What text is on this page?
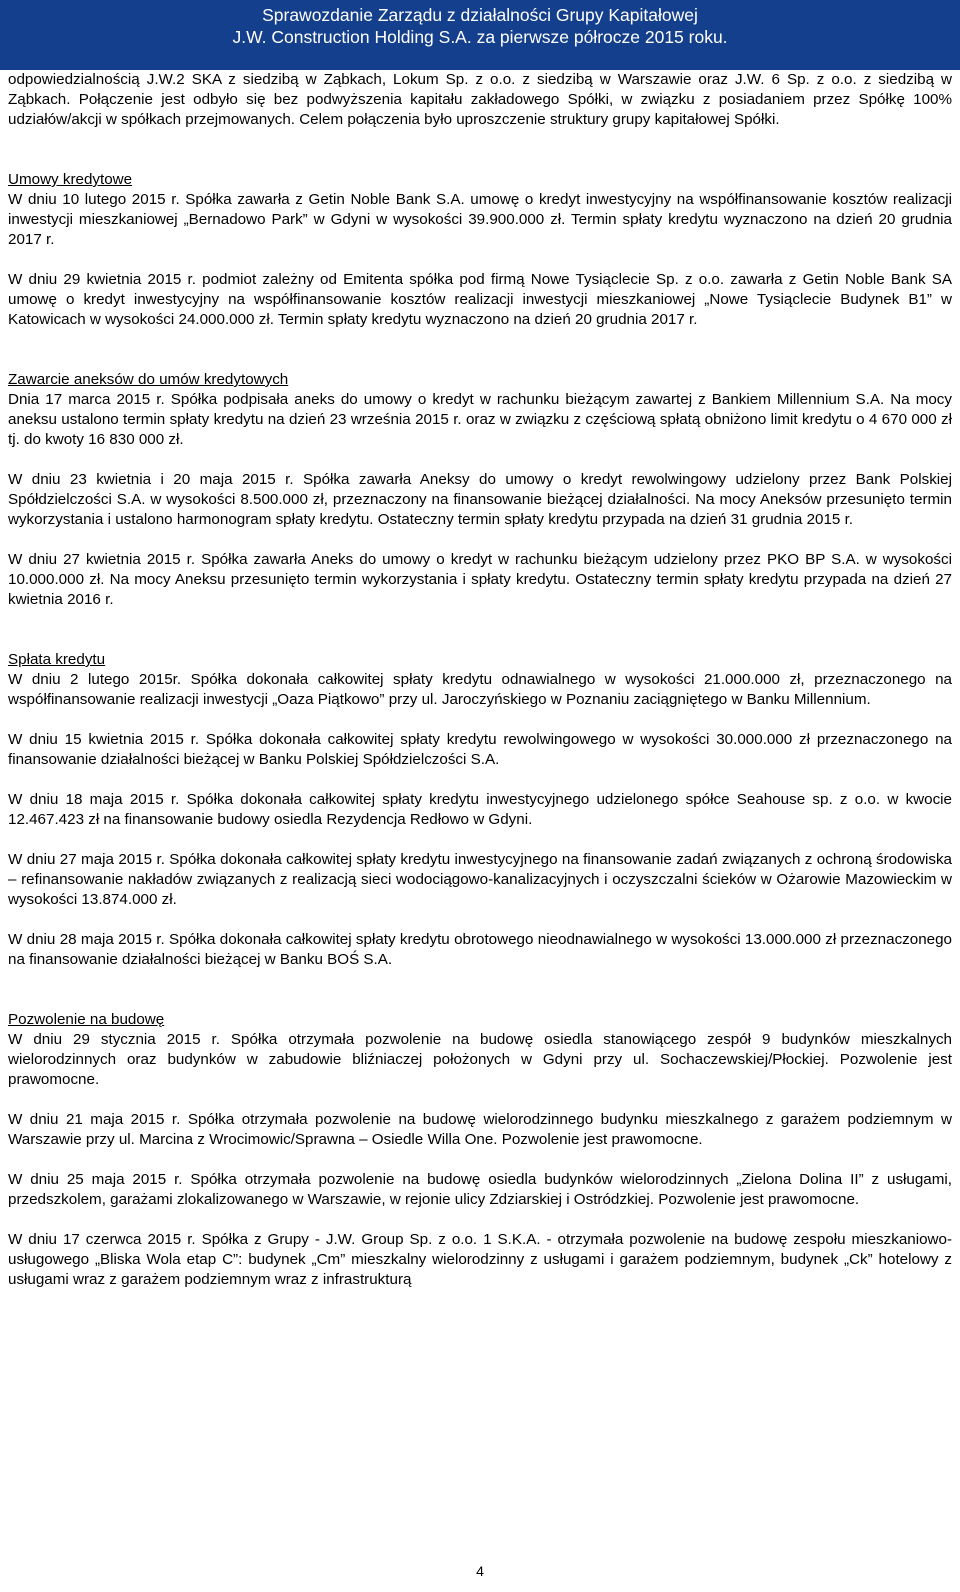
Sprawozdanie Zarządu z działalności Grupy Kapitałowej
J.W. Construction Holding S.A. za pierwsze półrocze 2015 roku.

odpowiedzialnością J.W.2 SKA z siedzibą w Ząbkach, Lokum Sp. z o.o. z siedzibą w Warszawie oraz J.W. 6 Sp. z o.o. z siedzibą w Ząbkach. Połączenie jest odbyło się bez podwyższenia kapitału zakładowego Spółki, w związku z posiadaniem przez Spółkę 100% udziałów/akcji w spółkach przejmowanych. Celem połączenia było uproszczenie struktury grupy kapitałowej Spółki.

Umowy kredytowe

W dniu 10 lutego 2015 r. Spółka zawarła z Getin Noble Bank S.A. umowę o kredyt inwestycyjny na współfinansowanie kosztów realizacji inwestycji mieszkaniowej „Bernadowo Park” w Gdyni w wysokości 39.900.000 zł. Termin spłaty kredytu wyznaczono na dzień 20 grudnia 2017 r.

W dniu 29 kwietnia 2015 r. podmiot zależny od Emitenta spółka pod firmą Nowe Tysiąclecie Sp. z o.o. zawarła z Getin Noble Bank SA umowę o kredyt inwestycyjny na współfinansowanie kosztów realizacji inwestycji mieszkaniowej „Nowe Tysiąclecie Budynek B1” w Katowicach w wysokości 24.000.000 zł. Termin spłaty kredytu wyznaczono na dzień 20 grudnia 2017 r.

Zawarcie aneksów do umów kredytowych

Dnia 17 marca 2015 r. Spółka podpisała aneks do umowy o kredyt w rachunku bieżącym zawartej z Bankiem Millennium S.A. Na mocy aneksu ustalono termin spłaty kredytu na dzień 23 września 2015 r. oraz w związku z częściową spłatą obniżono limit kredytu o 4 670 000 zł tj. do kwoty 16 830 000 zł.

W dniu 23 kwietnia i 20 maja 2015 r. Spółka zawarła Aneksy do umowy o kredyt rewolwingowy udzielony przez Bank Polskiej Spółdzielczości S.A. w wysokości 8.500.000 zł, przeznaczony na finansowanie bieżącej działalności. Na mocy Aneksów przesunięto termin wykorzystania i ustalono harmonogram spłaty kredytu. Ostateczny termin spłaty kredytu przypada na dzień 31 grudnia 2015 r.

W dniu 27 kwietnia 2015 r. Spółka zawarła Aneks do umowy o kredyt w rachunku bieżącym udzielony przez PKO BP S.A. w wysokości 10.000.000 zł. Na mocy Aneksu przesunięto termin wykorzystania i spłaty kredytu. Ostateczny termin spłaty kredytu przypada na dzień 27 kwietnia 2016 r.

Spłata kredytu

W dniu 2 lutego 2015r. Spółka dokonała całkowitej spłaty kredytu odnawialnego w wysokości 21.000.000 zł, przeznaczonego na współfinansowanie realizacji inwestycji „Oaza Piątkowo” przy ul. Jaroczyńskiego w Poznaniu zaciągniętego w Banku Millennium.

W dniu 15 kwietnia 2015 r. Spółka dokonała całkowitej spłaty kredytu rewolwingowego w wysokości 30.000.000 zł przeznaczonego na finansowanie działalności bieżącej w Banku Polskiej Spółdzielczości S.A.

W dniu 18 maja 2015 r. Spółka dokonała całkowitej spłaty kredytu inwestycyjnego udzielonego spółce Seahouse sp. z o.o. w kwocie 12.467.423 zł na finansowanie budowy osiedla Rezydencja Redłowo w Gdyni.

W dniu 27 maja 2015 r. Spółka dokonała całkowitej spłaty kredytu inwestycyjnego na finansowanie zadań związanych z ochroną środowiska – refinansowanie nakładów związanych z realizacją sieci wodociągowo-kanalizacyjnych i oczyszczalni ścieków w Ożarowie Mazowieckim w wysokości 13.874.000 zł.

W dniu 28 maja 2015 r. Spółka dokonała całkowitej spłaty kredytu obrotowego nieodnawialnego w wysokości 13.000.000 zł przeznaczonego na finansowanie działalności bieżącej w Banku BOŚ S.A.

Pozwolenie na budowę

W dniu 29 stycznia 2015 r. Spółka otrzymała pozwolenie na budowę osiedla stanowiącego zespół 9 budynków mieszkalnych wielorodzinnych oraz budynków w zabudowie bliźniaczej położonych w Gdyni przy ul. Sochaczewskiej/Płockiej. Pozwolenie jest prawomocne.

W dniu 21 maja 2015 r. Spółka otrzymała pozwolenie na budowę wielorodzinnego budynku mieszkalnego z garażem podziemnym w Warszawie przy ul. Marcina z Wrocimowic/Sprawna – Osiedle Willa One. Pozwolenie jest prawomocne.

W dniu 25 maja 2015 r. Spółka otrzymała pozwolenie na budowę osiedla budynków wielorodzinnych „Zielona Dolina II” z usługami, przedszkolem, garażami zlokalizowanego w Warszawie, w rejonie ulicy Zdziarskiej i Ostródzkiej. Pozwolenie jest prawomocne.

W dniu 17 czerwca 2015 r. Spółka z Grupy - J.W. Group Sp. z o.o. 1 S.K.A. - otrzymała pozwolenie na budowę zespołu mieszkaniowo-usługowego „Bliska Wola etap C”: budynek „Cm” mieszkalny wielorodzinny z usługami i garażem podziemnym, budynek „Ck” hotelowy z usługami wraz z garażem podziemnym wraz z infrastrukturą

4
